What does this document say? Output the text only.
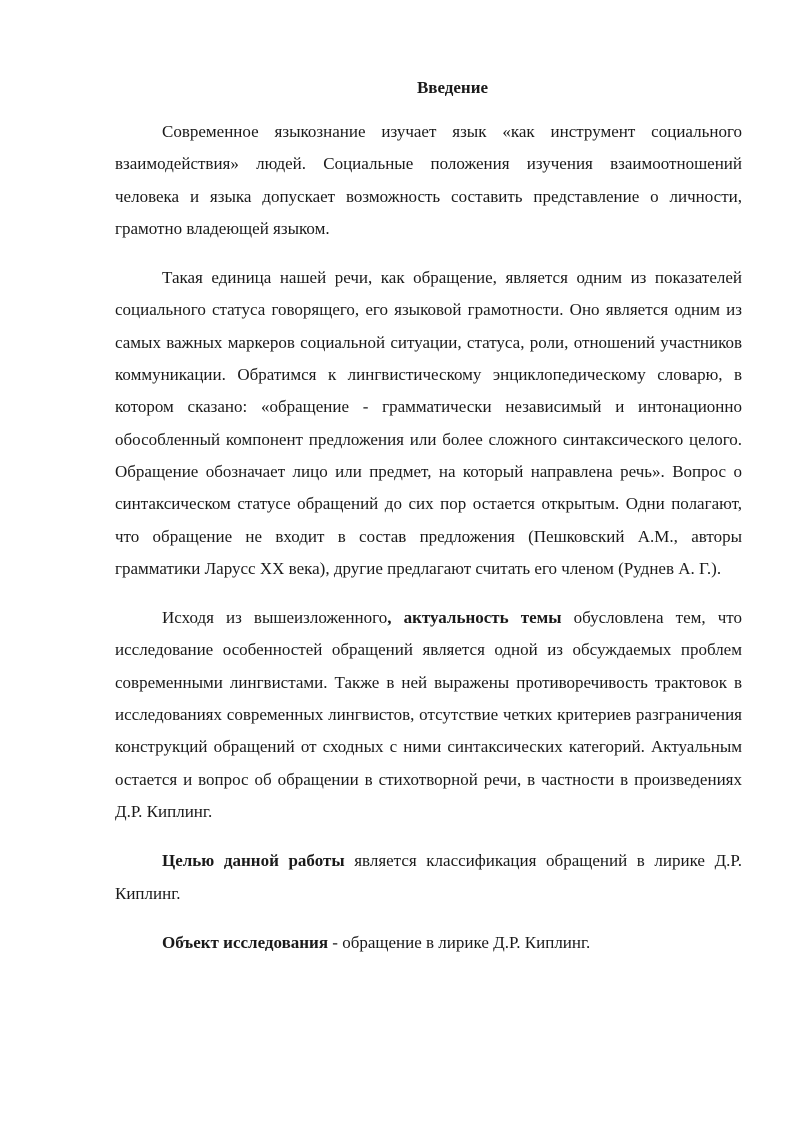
Введение

Современное языкознание изучает язык «как инструмент социального взаимодействия» людей. Социальные положения изучения взаимоотношений человека и языка допускает возможность составить представление о личности, грамотно владеющей языком.

Такая единица нашей речи, как обращение, является одним из показателей социального статуса говорящего, его языковой грамотности. Оно является одним из самых важных маркеров социальной ситуации, статуса, роли, отношений участников коммуникации. Обратимся к лингвистическому энциклопедическому словарю, в котором сказано: «обращение - грамматически независимый и интонационно обособленный компонент предложения или более сложного синтаксического целого. Обращение обозначает лицо или предмет, на который направлена речь». Вопрос о синтаксическом статусе обращений до сих пор остается открытым. Одни полагают, что обращение не входит в состав предложения (Пешковский А.М., авторы грамматики Ларусс XX века), другие предлагают считать его членом (Руднев А. Г.).

Исходя из вышеизложенного, актуальность темы обусловлена тем, что исследование особенностей обращений является одной из обсуждаемых проблем современными лингвистами. Также в ней выражены противоречивость трактовок в исследованиях современных лингвистов, отсутствие четких критериев разграничения конструкций обращений от сходных с ними синтаксических категорий. Актуальным остается и вопрос об обращении в стихотворной речи, в частности в произведениях Д.Р. Киплинг.

Целью данной работы является классификация обращений в лирике Д.Р. Киплинг.

Объект исследования - обращение в лирике Д.Р. Киплинг.
